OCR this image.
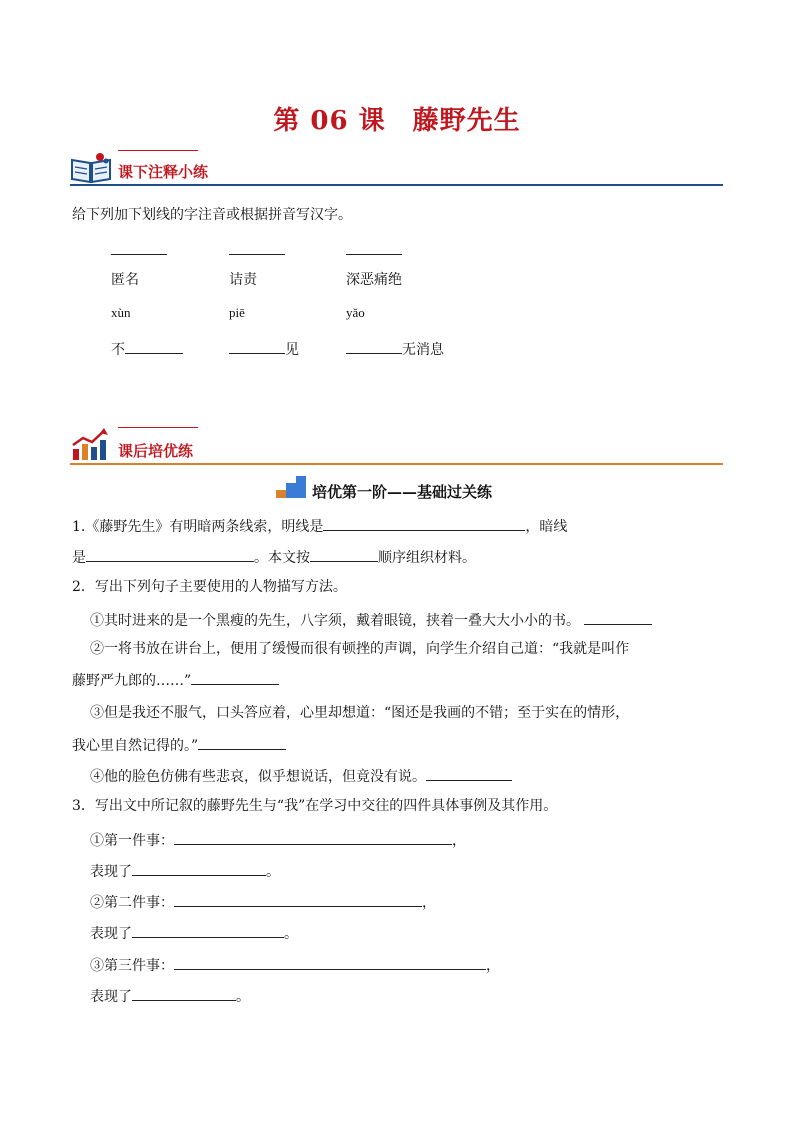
第 06 课　藤野先生
课下注释小练
给下列加下划线的字注音或根据拼音写汉字。
匿名	诘责	深恶痛绝
xùn	piē	yǎo
不	见	无消息
课后培优练
培优第一阶——基础过关练
1.《藤野先生》有明暗两条线索，明线是	，暗线
是	。本文按	顺序组织材料。
2．写出下列句子主要使用的人物描写方法。
①其时进来的是一个黑瘦的先生，八字须，戴着眼镜，挟着一叠大大小小的书。
②一将书放在讲台上，便用了缓慢而很有顿挫的声调，向学生介绍自己道：“我就是叫作
藤野严九郎的……”
③但是我还不服气，口头答应着，心里却想道：“图还是我画的不错；至于实在的情形，
我心里自然记得的。”
④他的脸色仿佛有些悲哀，似乎想说话，但竟没有说。
3．写出文中所记叙的藤野先生与“我”在学习中交往的四件具体事例及其作用。
①第一件事：	，
表现了	。
②第二件事：	，
表现了	。
③第三件事：	，
表现了	。
